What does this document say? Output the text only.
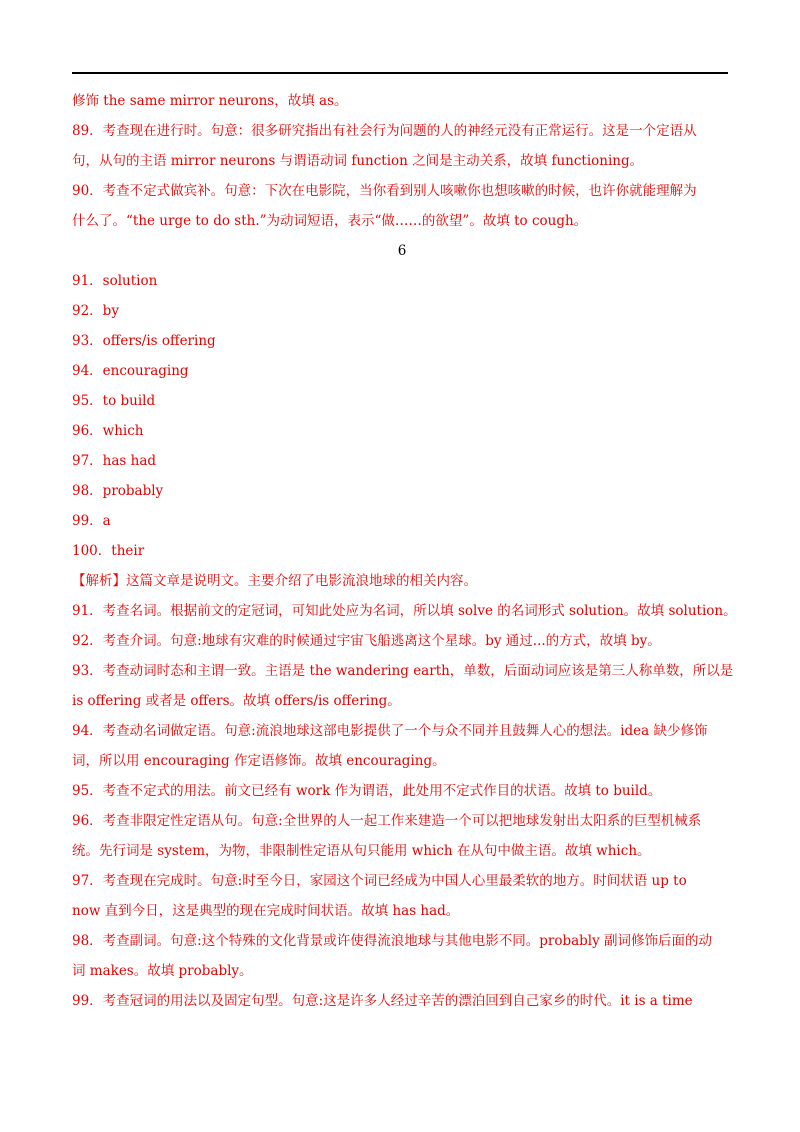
修饰 the same mirror neurons，故填 as。
89．考查现在进行时。句意：很多研究指出有社会行为问题的人的神经元没有正常运行。这是一个定语从
句，从句的主语 mirror neurons 与谓语动词 function 之间是主动关系，故填 functioning。
90．考查不定式做宾补。句意：下次在电影院，当你看到别人咳嗽你也想咳嗽的时候，也许你就能理解为
什么了。“the urge to do sth.”为动词短语，表示“做……的欲望”。故填 to cough。
6
91．solution
92．by
93．offers/is offering
94．encouraging
95．to build
96．which
97．has had
98．probably
99．a
100．their
【解析】这篇文章是说明文。主要介绍了电影流浪地球的相关内容。
91．考查名词。根据前文的定冠词，可知此处应为名词，所以填 solve 的名词形式 solution。故填 solution。
92．考查介词。句意:地球有灾难的时候通过宇宙飞船逃离这个星球。by 通过...的方式，故填 by。
93．考查动词时态和主谓一致。主语是 the wandering earth，单数，后面动词应该是第三人称单数，所以是
is offering 或者是 offers。故填 offers/is offering。
94．考查动名词做定语。句意:流浪地球这部电影提供了一个与众不同并且鼓舞人心的想法。idea 缺少修饰
词，所以用 encouraging 作定语修饰。故填 encouraging。
95．考查不定式的用法。前文已经有 work 作为谓语，此处用不定式作目的状语。故填 to build。
96．考查非限定性定语从句。句意:全世界的人一起工作来建造一个可以把地球发射出太阳系的巨型机械系
统。先行词是 system，为物，非限制性定语从句只能用 which 在从句中做主语。故填 which。
97．考查现在完成时。句意:时至今日，家园这个词已经成为中国人心里最柔软的地方。时间状语 up to
now 直到今日，这是典型的现在完成时间状语。故填 has had。
98．考查副词。句意:这个特殊的文化背景或许使得流浪地球与其他电影不同。probably 副词修饰后面的动
词 makes。故填 probably。
99．考查冠词的用法以及固定句型。句意:这是许多人经过辛苦的漂泊回到自己家乡的时代。it is a time
